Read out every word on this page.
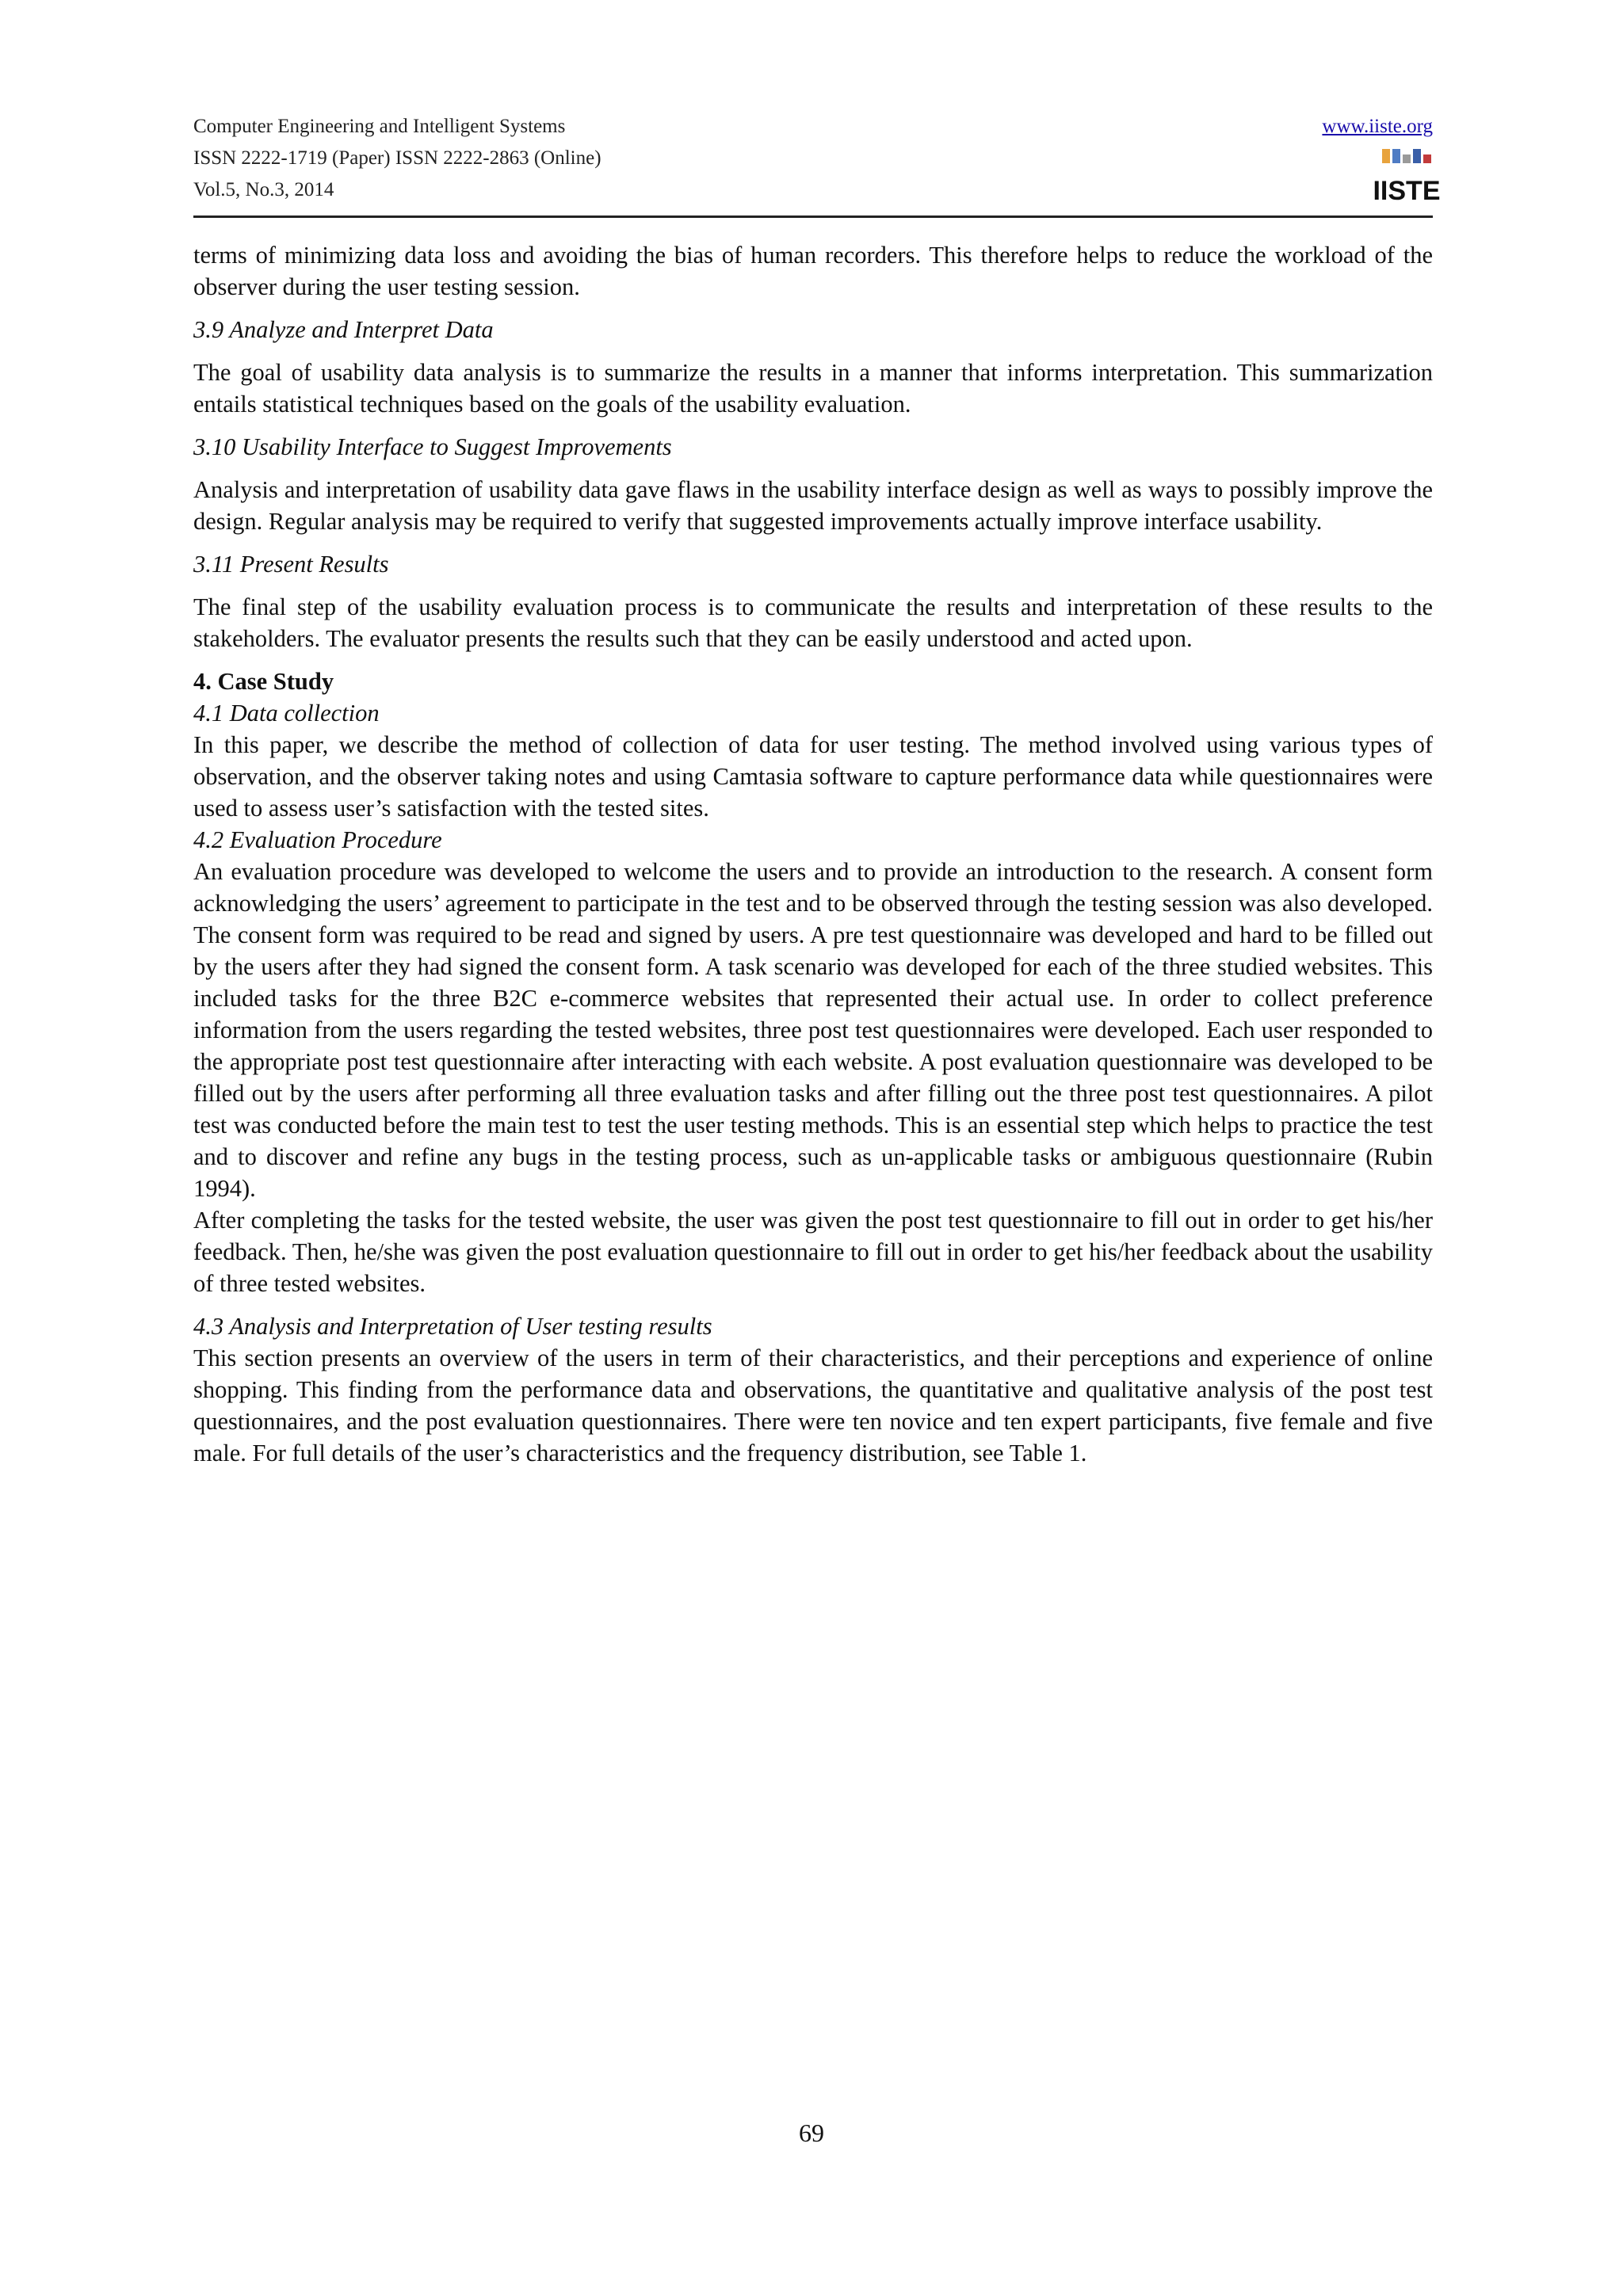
Computer Engineering and Intelligent Systems
ISSN 2222-1719 (Paper) ISSN 2222-2863 (Online)
Vol.5, No.3, 2014
www.iiste.org
IISTE

terms of minimizing data loss and avoiding the bias of human recorders. This therefore helps to reduce the workload of the observer during the user testing session.

3.9 Analyze and Interpret Data

The goal of usability data analysis is to summarize the results in a manner that informs interpretation. This summarization entails statistical techniques based on the goals of the usability evaluation.

3.10 Usability Interface to Suggest Improvements

Analysis and interpretation of usability data gave flaws in the usability interface design as well as ways to possibly improve the design. Regular analysis may be required to verify that suggested improvements actually improve interface usability.

3.11 Present Results

The final step of the usability evaluation process is to communicate the results and interpretation of these results to the stakeholders. The evaluator presents the results such that they can be easily understood and acted upon.

4. Case Study
4.1 Data collection

In this paper, we describe the method of collection of data for user testing. The method involved using various types of observation, and the observer taking notes and using Camtasia software to capture performance data while questionnaires were used to assess user’s satisfaction with the tested sites.

4.2 Evaluation Procedure

An evaluation procedure was developed to welcome the users and to provide an introduction to the research. A consent form acknowledging the users’ agreement to participate in the test and to be observed through the testing session was also developed. The consent form was required to be read and signed by users. A pre test questionnaire was developed and hard to be filled out by the users after they had signed the consent form. A task scenario was developed for each of the three studied websites. This included tasks for the three B2C e-commerce websites that represented their actual use. In order to collect preference information from the users regarding the tested websites, three post test questionnaires were developed. Each user responded to the appropriate post test questionnaire after interacting with each website. A post evaluation questionnaire was developed to be filled out by the users after performing all three evaluation tasks and after filling out the three post test questionnaires. A pilot test was conducted before the main test to test the user testing methods. This is an essential step which helps to practice the test and to discover and refine any bugs in the testing process, such as un-applicable tasks or ambiguous questionnaire (Rubin 1994).

After completing the tasks for the tested website, the user was given the post test questionnaire to fill out in order to get his/her feedback. Then, he/she was given the post evaluation questionnaire to fill out in order to get his/her feedback about the usability of three tested websites.

4.3 Analysis and Interpretation of User testing results

This section presents an overview of the users in term of their characteristics, and their perceptions and experience of online shopping. This finding from the performance data and observations, the quantitative and qualitative analysis of the post test questionnaires, and the post evaluation questionnaires. There were ten novice and ten expert participants, five female and five male. For full details of the user’s characteristics and the frequency distribution, see Table 1.

69
